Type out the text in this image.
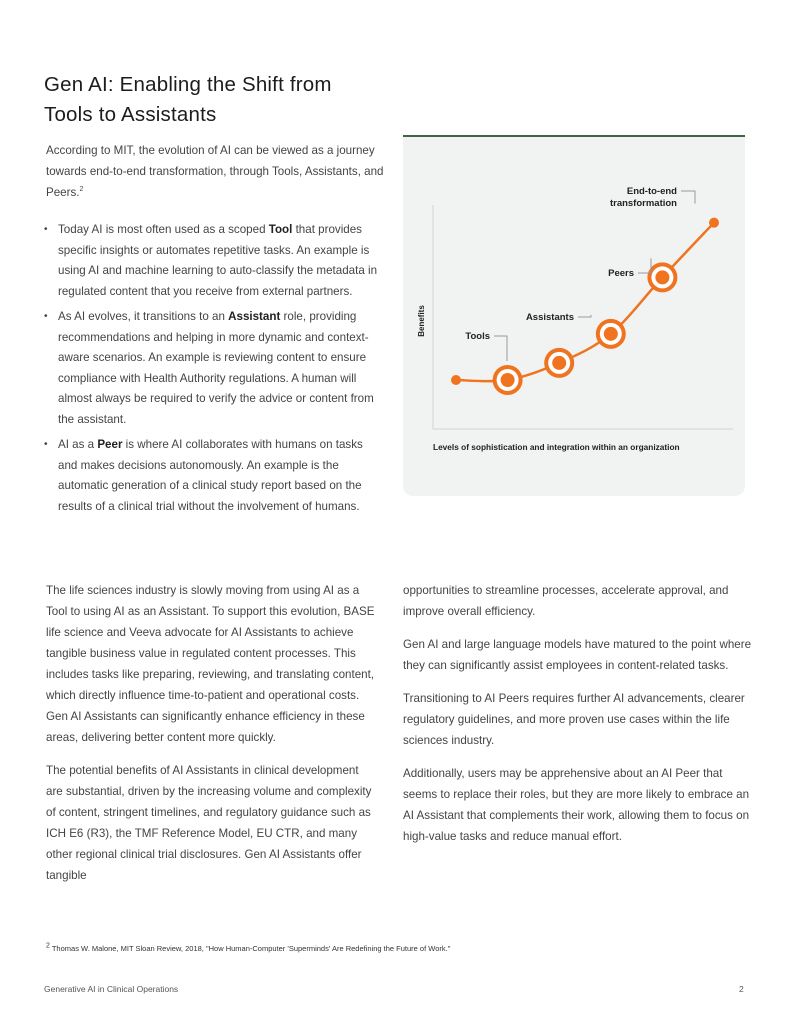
Gen AI: Enabling the Shift from
Tools to Assistants

According to MIT, the evolution of AI can be viewed as a journey towards end-to-end transformation, through Tools, Assistants, and Peers.$^2$

• Today AI is most often used as a scoped Tool that provides specific insights or automates repetitive tasks. An example is using AI and machine learning to auto-classify the metadata in regulated content that you receive from external partners.
• As AI evolves, it transitions to an Assistant role, providing recommendations and helping in more dynamic and context-aware scenarios. An example is reviewing content to ensure compliance with Health Authority regulations. A human will almost always be required to verify the advice or content from the assistant.
• AI as a Peer is where AI collaborates with humans on tasks and makes decisions autonomously. An example is the automatic generation of a clinical study report based on the results of a clinical trial without the involvement of humans.
Benefits
Levels of sophistication and integration within an organization
Tools
Assistants
Peers
End-to-end
transformation

The life sciences industry is slowly moving from using AI as a Tool to using AI as an Assistant. To support this evolution, BASE life science and Veeva advocate for AI Assistants to achieve tangible business value in regulated content processes. This includes tasks like preparing, reviewing, and translating content, which directly influence time-to-patient and operational costs. Gen AI Assistants can significantly enhance efficiency in these areas, delivering better content more quickly.

The potential benefits of AI Assistants in clinical development are substantial, driven by the increasing volume and complexity of content, stringent timelines, and regulatory guidance such as ICH E6 (R3), the TMF Reference Model, EU CTR, and many other regional clinical trial disclosures. Gen AI Assistants offer tangible

opportunities to streamline processes, accelerate approval, and improve overall efficiency.

Gen AI and large language models have matured to the point where they can significantly assist employees in content-related tasks.

Transitioning to AI Peers requires further AI advancements, clearer regulatory guidelines, and more proven use cases within the life sciences industry.

Additionally, users may be apprehensive about an AI Peer that seems to replace their roles, but they are more likely to embrace an AI Assistant that complements their work, allowing them to focus on high-value tasks and reduce manual effort.

2 Thomas W. Malone, MIT Sloan Review, 2018, "How Human-Computer 'Superminds' Are Redefining the Future of Work."
Generative AI in Clinical Operations	2
